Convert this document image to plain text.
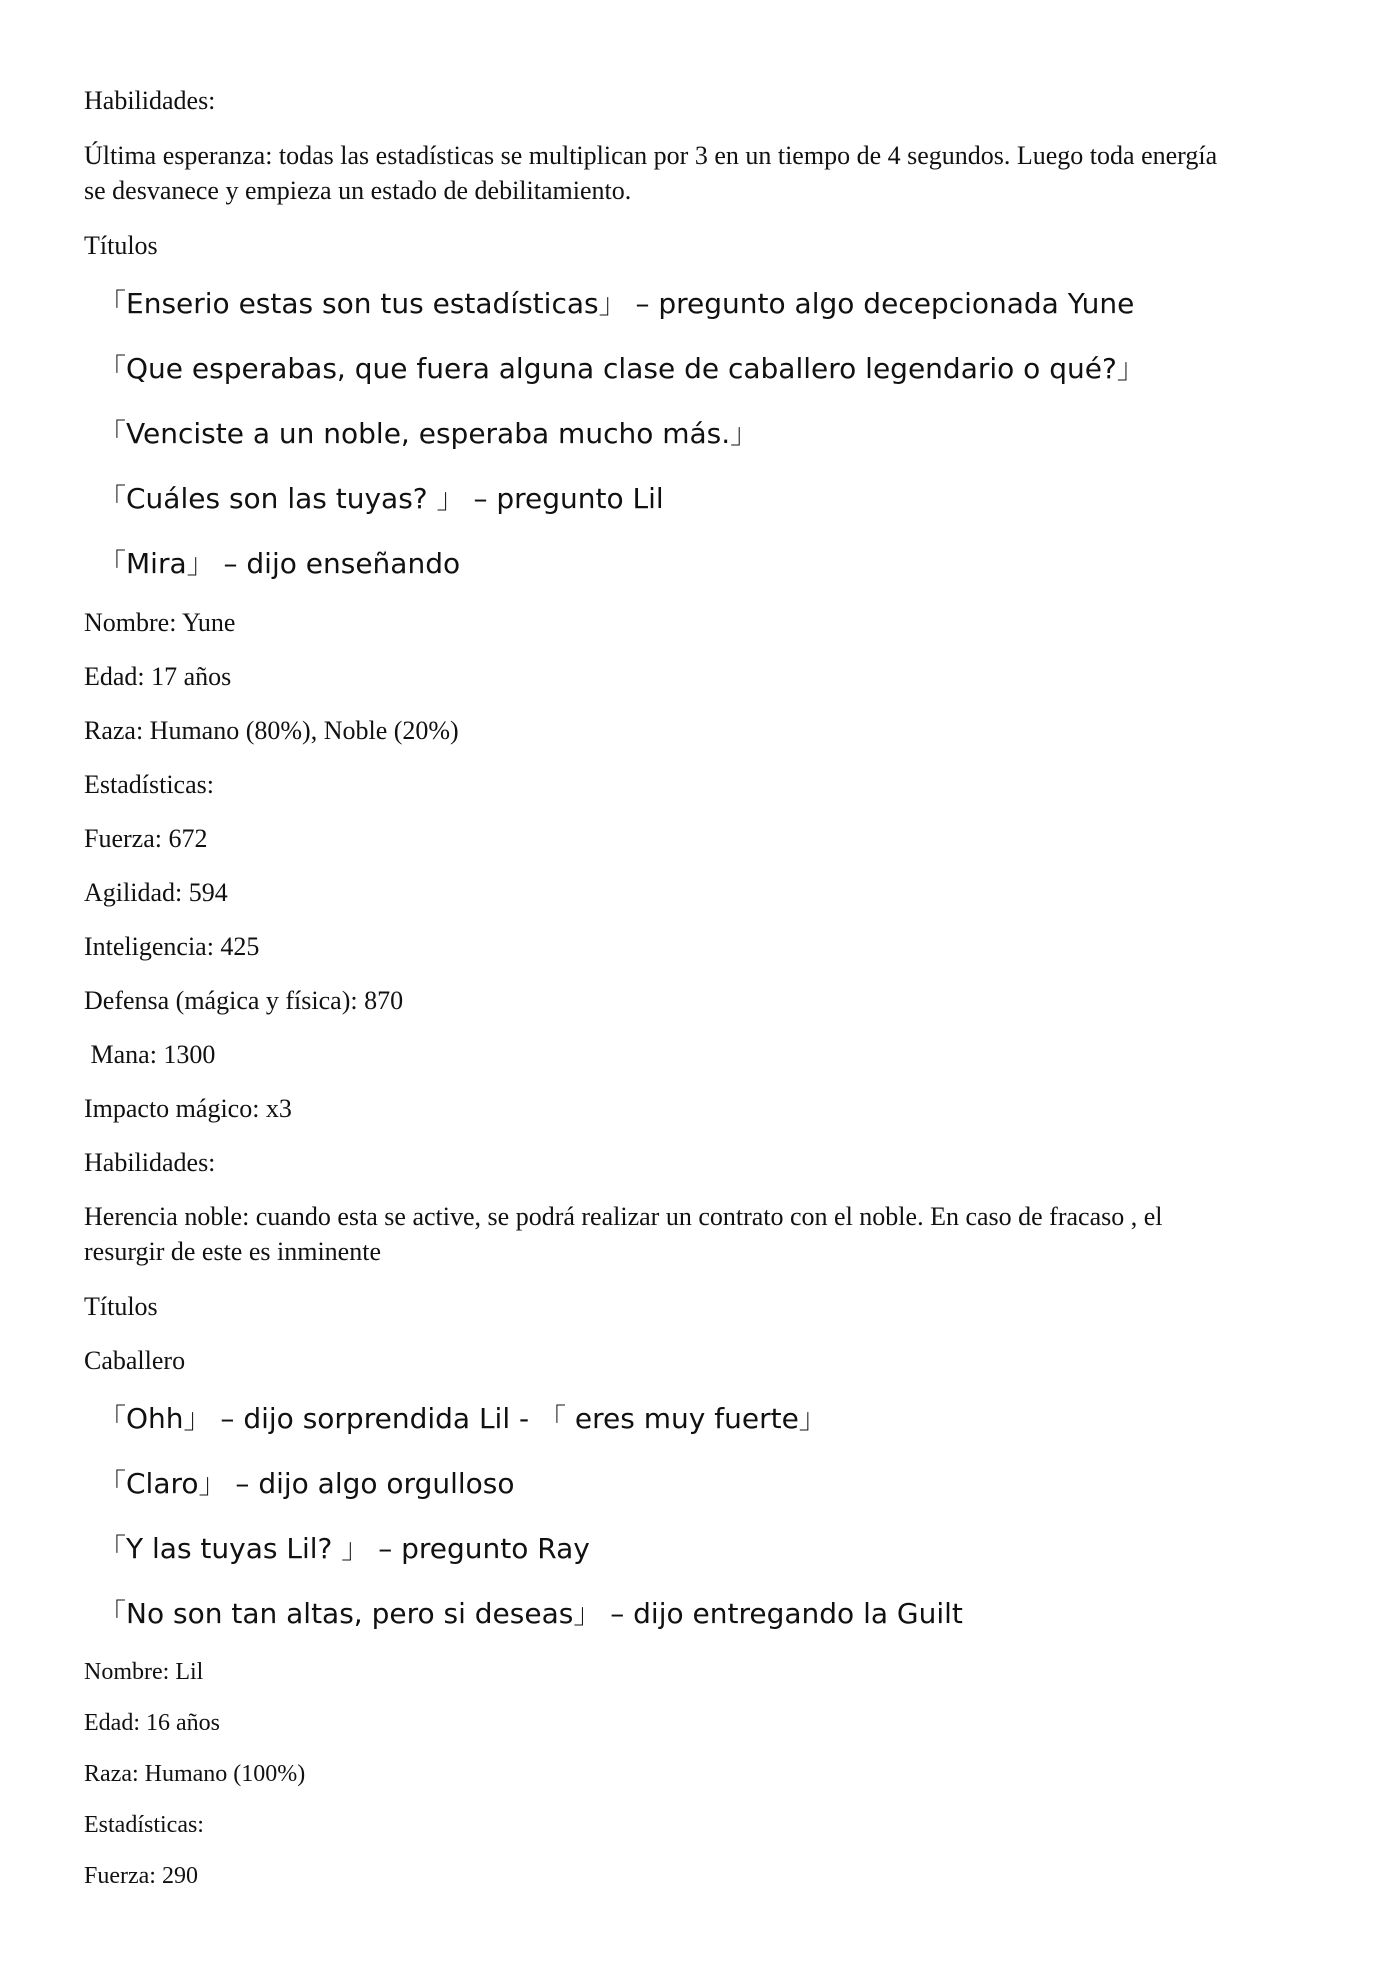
Habilidades:
Última esperanza: todas las estadísticas se multiplican por 3 en un tiempo de 4 segundos. Luego toda energía
se desvanece y empieza un estado de debilitamiento.
Títulos
「Enserio estas son tus estadísticas」 – pregunto algo decepcionada Yune
「Que esperabas, que fuera alguna clase de caballero legendario o qué?」
「Venciste a un noble, esperaba mucho más.」
「Cuáles son las tuyas? 」 – pregunto Lil
「Mira」 – dijo enseñando
Nombre: Yune
Edad: 17 años
Raza: Humano (80%), Noble (20%)
Estadísticas:
Fuerza: 672
Agilidad: 594
Inteligencia: 425
Defensa (mágica y física): 870
Mana: 1300
Impacto mágico: x3
Habilidades:
Herencia noble: cuando esta se active, se podrá realizar un contrato con el noble. En caso de fracaso , el
resurgir de este es inminente
Títulos
Caballero
「Ohh」 – dijo sorprendida Lil - 「 eres muy fuerte」
「Claro」 – dijo algo orgulloso
「Y las tuyas Lil? 」 – pregunto Ray
「No son tan altas, pero si deseas」 – dijo entregando la Guilt
Nombre: Lil
Edad: 16 años
Raza: Humano (100%)
Estadísticas:
Fuerza: 290
